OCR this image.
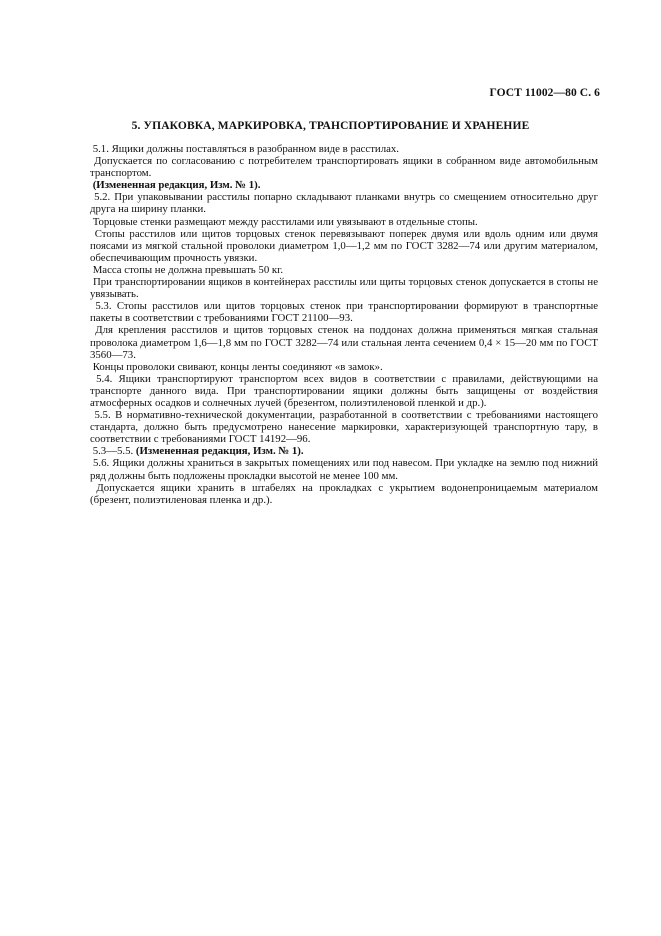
ГОСТ 11002—80 С. 6
5. УПАКОВКА, МАРКИРОВКА, ТРАНСПОРТИРОВАНИЕ И ХРАНЕНИЕ

5.1. Ящики должны поставляться в разобранном виде в расстилах.

Допускается по согласованию с потребителем транспортировать ящики в собранном виде автомобильным транспортом.

(Измененная редакция, Изм. № 1).

5.2. При упаковывании расстилы попарно складывают планками внутрь со смещением относительно друг друга на ширину планки.

Торцовые стенки размещают между расстилами или увязывают в отдельные стопы.

Стопы расстилов или щитов торцовых стенок перевязывают поперек двумя или вдоль одним или двумя поясами из мягкой стальной проволоки диаметром 1,0—1,2 мм по ГОСТ 3282—74 или другим материалом, обеспечивающим прочность увязки.

Масса стопы не должна превышать 50 кг.

При транспортировании ящиков в контейнерах расстилы или щиты торцовых стенок допускается в стопы не увязывать.

5.3. Стопы расстилов или щитов торцовых стенок при транспортировании формируют в транспортные пакеты в соответствии с требованиями ГОСТ 21100—93.

Для крепления расстилов и щитов торцовых стенок на поддонах должна применяться мягкая стальная проволока диаметром 1,6—1,8 мм по ГОСТ 3282—74 или стальная лента сечением 0,4 × 15—20 мм по ГОСТ 3560—73.

Концы проволоки свивают, концы ленты соединяют «в замок».

5.4. Ящики транспортируют транспортом всех видов в соответствии с правилами, действующими на транспорте данного вида. При транспортировании ящики должны быть защищены от воздействия атмосферных осадков и солнечных лучей (брезентом, полиэтиленовой пленкой и др.).

5.5. В нормативно-технической документации, разработанной в соответствии с требованиями настоящего стандарта, должно быть предусмотрено нанесение маркировки, характеризующей транспортную тару, в соответствии с требованиями ГОСТ 14192—96.

5.3—5.5. (Измененная редакция, Изм. № 1).

5.6. Ящики должны храниться в закрытых помещениях или под навесом. При укладке на землю под нижний ряд должны быть подложены прокладки высотой не менее 100 мм.

Допускается ящики хранить в штабелях на прокладках с укрытием водонепроницаемым материалом (брезент, полиэтиленовая пленка и др.).
